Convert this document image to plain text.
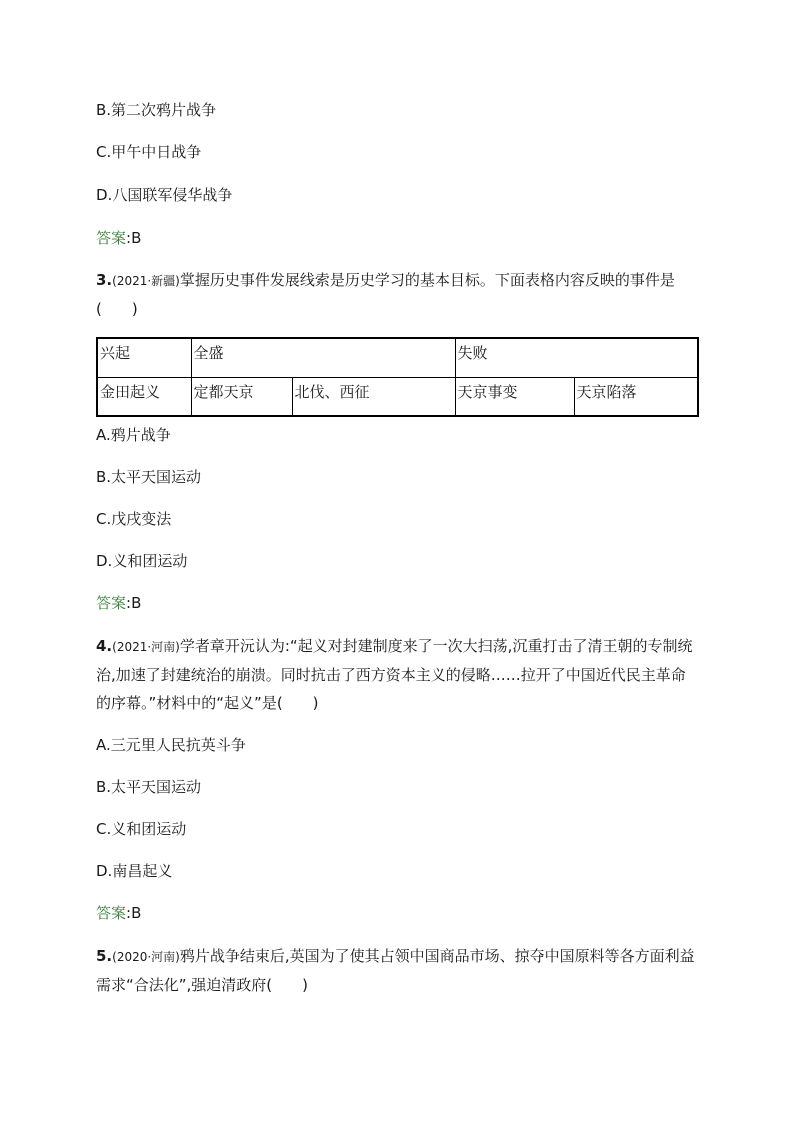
B.第二次鸦片战争
C.甲午中日战争
D.八国联军侵华战争
答案:B
3.(2021·新疆)掌握历史事件发展线索是历史学习的基本目标。下面表格内容反映的事件是(　　)
兴起	全盛		失败	
金田起义	定都天京	北伐、西征	天京事变	天京陷落
A.鸦片战争
B.太平天国运动
C.戊戌变法
D.义和团运动
答案:B
4.(2021·河南)学者章开沅认为:“起义对封建制度来了一次大扫荡,沉重打击了清王朝的专制统治,加速了封建统治的崩溃。同时抗击了西方资本主义的侵略……拉开了中国近代民主革命的序幕。”材料中的“起义”是(　　)
A.三元里人民抗英斗争
B.太平天国运动
C.义和团运动
D.南昌起义
答案:B
5.(2020·河南)鸦片战争结束后,英国为了使其占领中国商品市场、掠夺中国原料等各方面利益需求“合法化”,强迫清政府(　　)
